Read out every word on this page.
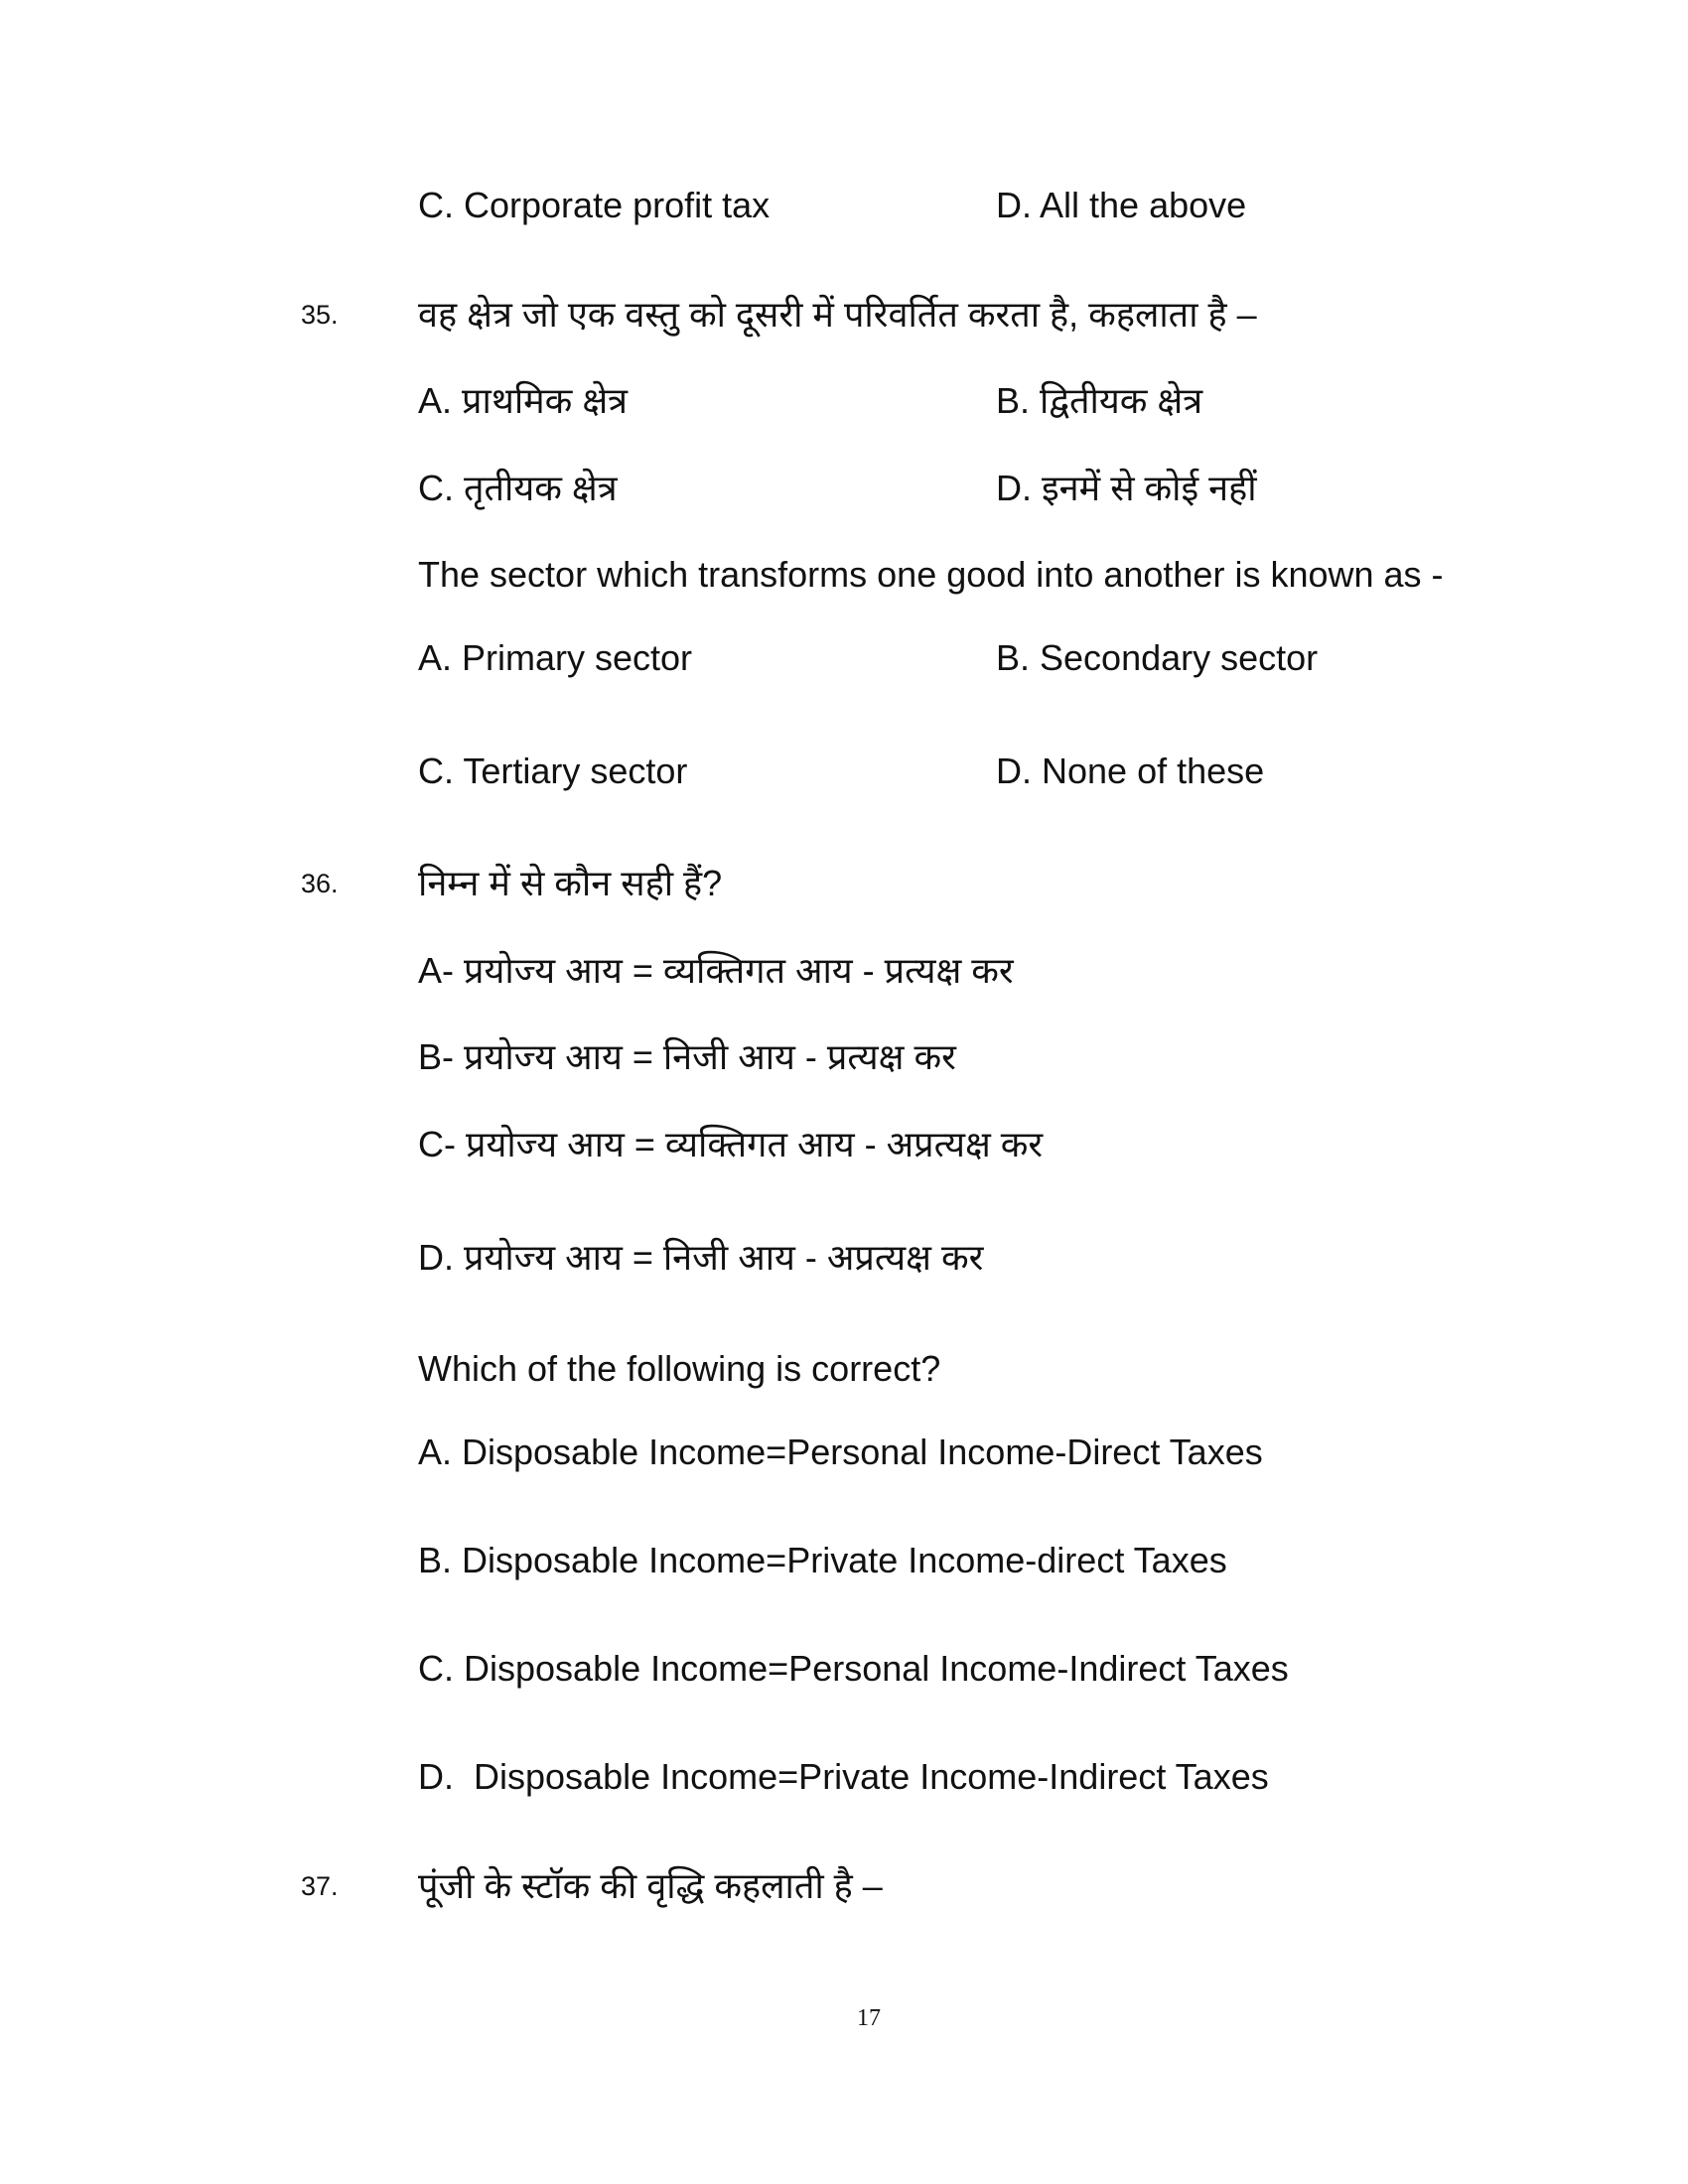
C. Corporate profit tax	D. All the above
35. वह क्षेत्र जो एक वस्तु को दूसरी में परिवर्तित करता है, कहलाता है –
A. प्राथमिक क्षेत्र	B. द्वितीयक क्षेत्र
C. तृतीयक क्षेत्र	D. इनमें से कोई नहीं
The sector which transforms one good into another is known as -
A. Primary sector	B. Secondary sector
C. Tertiary sector	D. None of these
36. निम्न में से कौन सही हैं?
A- प्रयोज्य आय = व्यक्तिगत आय - प्रत्यक्ष कर
B- प्रयोज्य आय = निजी आय - प्रत्यक्ष कर
C- प्रयोज्य आय = व्यक्तिगत आय - अप्रत्यक्ष कर
D. प्रयोज्य आय = निजी आय - अप्रत्यक्ष कर
Which of the following is correct?
A. Disposable Income=Personal Income-Direct Taxes
B. Disposable Income=Private Income-direct Taxes
C. Disposable Income=Personal Income-Indirect Taxes
D.  Disposable Income=Private Income-Indirect Taxes
37. पूंजी के स्टॉक की वृद्धि कहलाती है –
17
